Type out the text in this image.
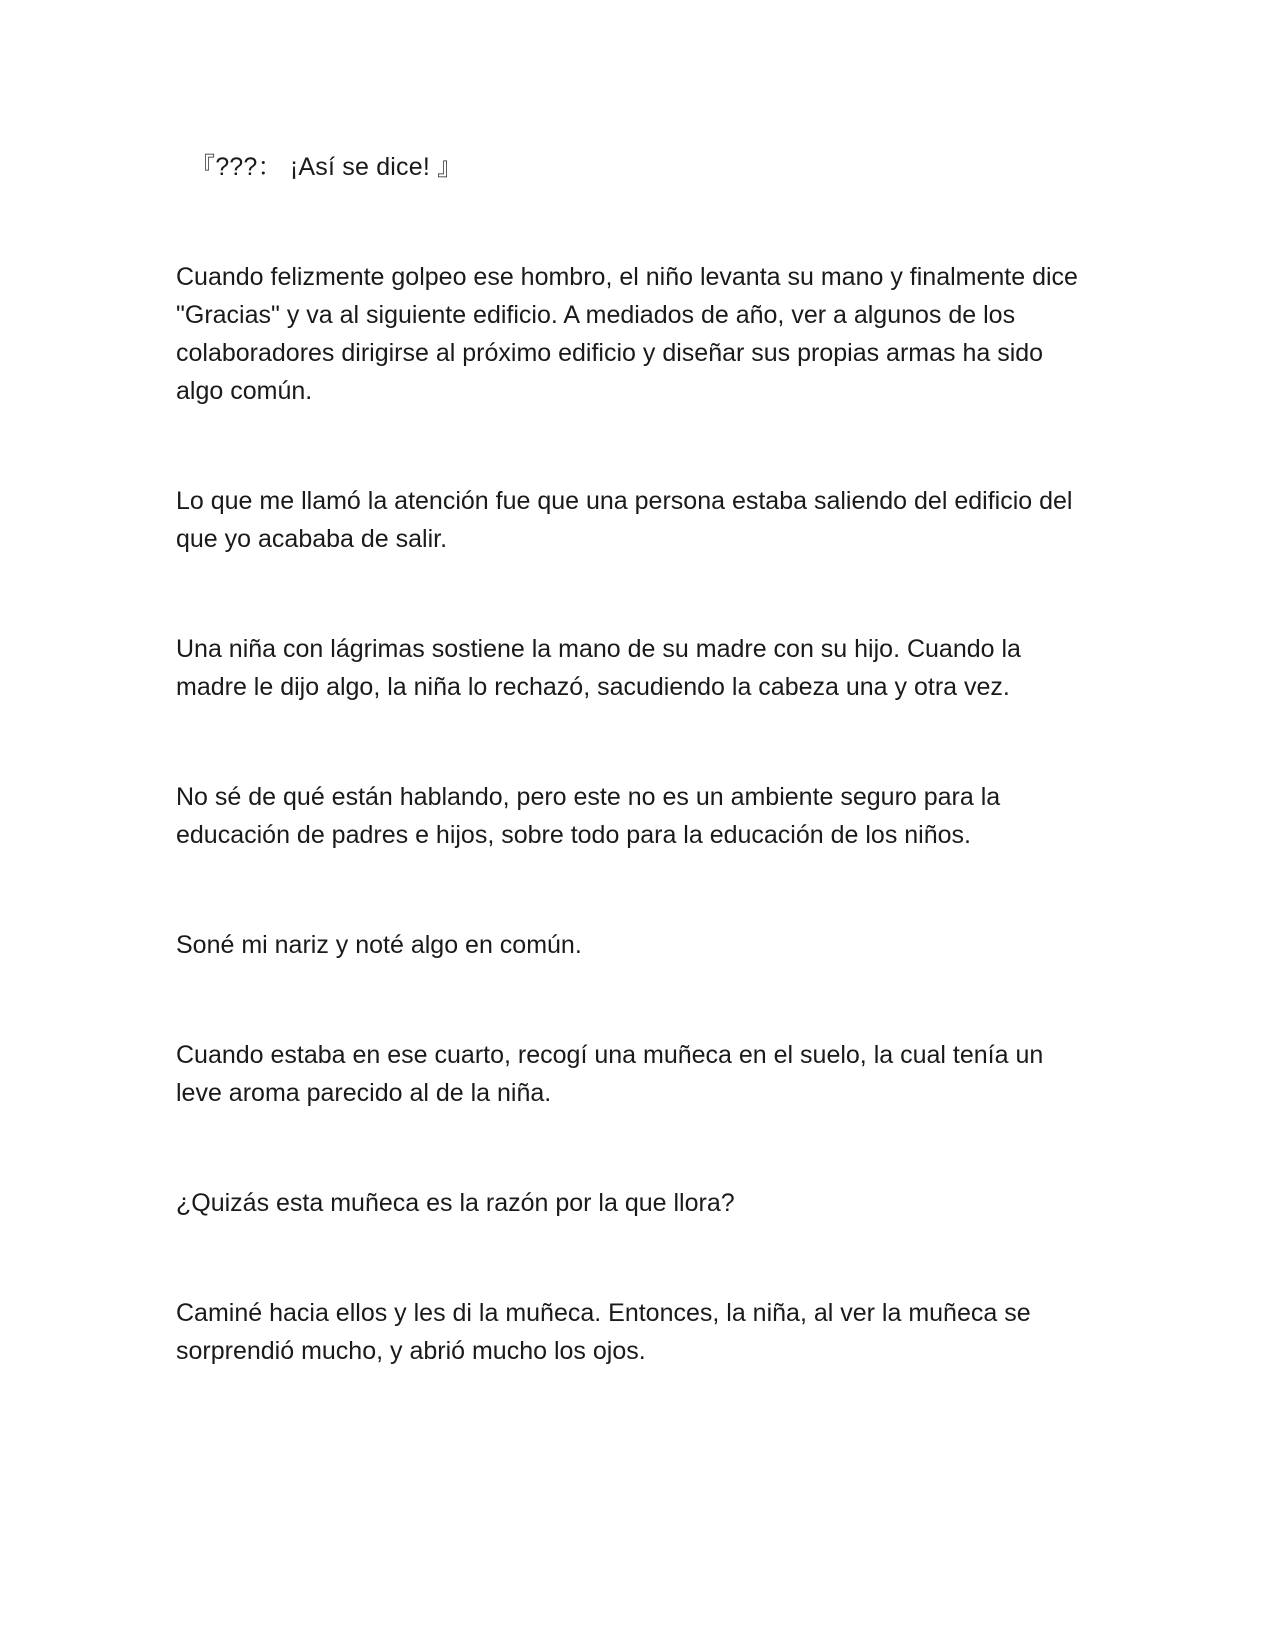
『???： ¡Así se dice! 』

Cuando felizmente golpeo ese hombro, el niño levanta su mano y finalmente dice "Gracias" y va al siguiente edificio. A mediados de año, ver a algunos de los colaboradores dirigirse al próximo edificio y diseñar sus propias armas ha sido algo común.

Lo que me llamó la atención fue que una persona estaba saliendo del edificio del que yo acababa de salir.

Una niña con lágrimas sostiene la mano de su madre con su hijo. Cuando la madre le dijo algo, la niña lo rechazó, sacudiendo la cabeza una y otra vez.

No sé de qué están hablando, pero este no es un ambiente seguro para la educación de padres e hijos, sobre todo para la educación de los niños.

Soné mi nariz y noté algo en común.

Cuando estaba en ese cuarto, recogí una muñeca en el suelo, la cual tenía un leve aroma parecido al de la niña.

¿Quizás esta muñeca es la razón por la que llora?

Caminé hacia ellos y les di la muñeca. Entonces, la niña, al ver la muñeca se sorprendió mucho, y abrió mucho los ojos.
